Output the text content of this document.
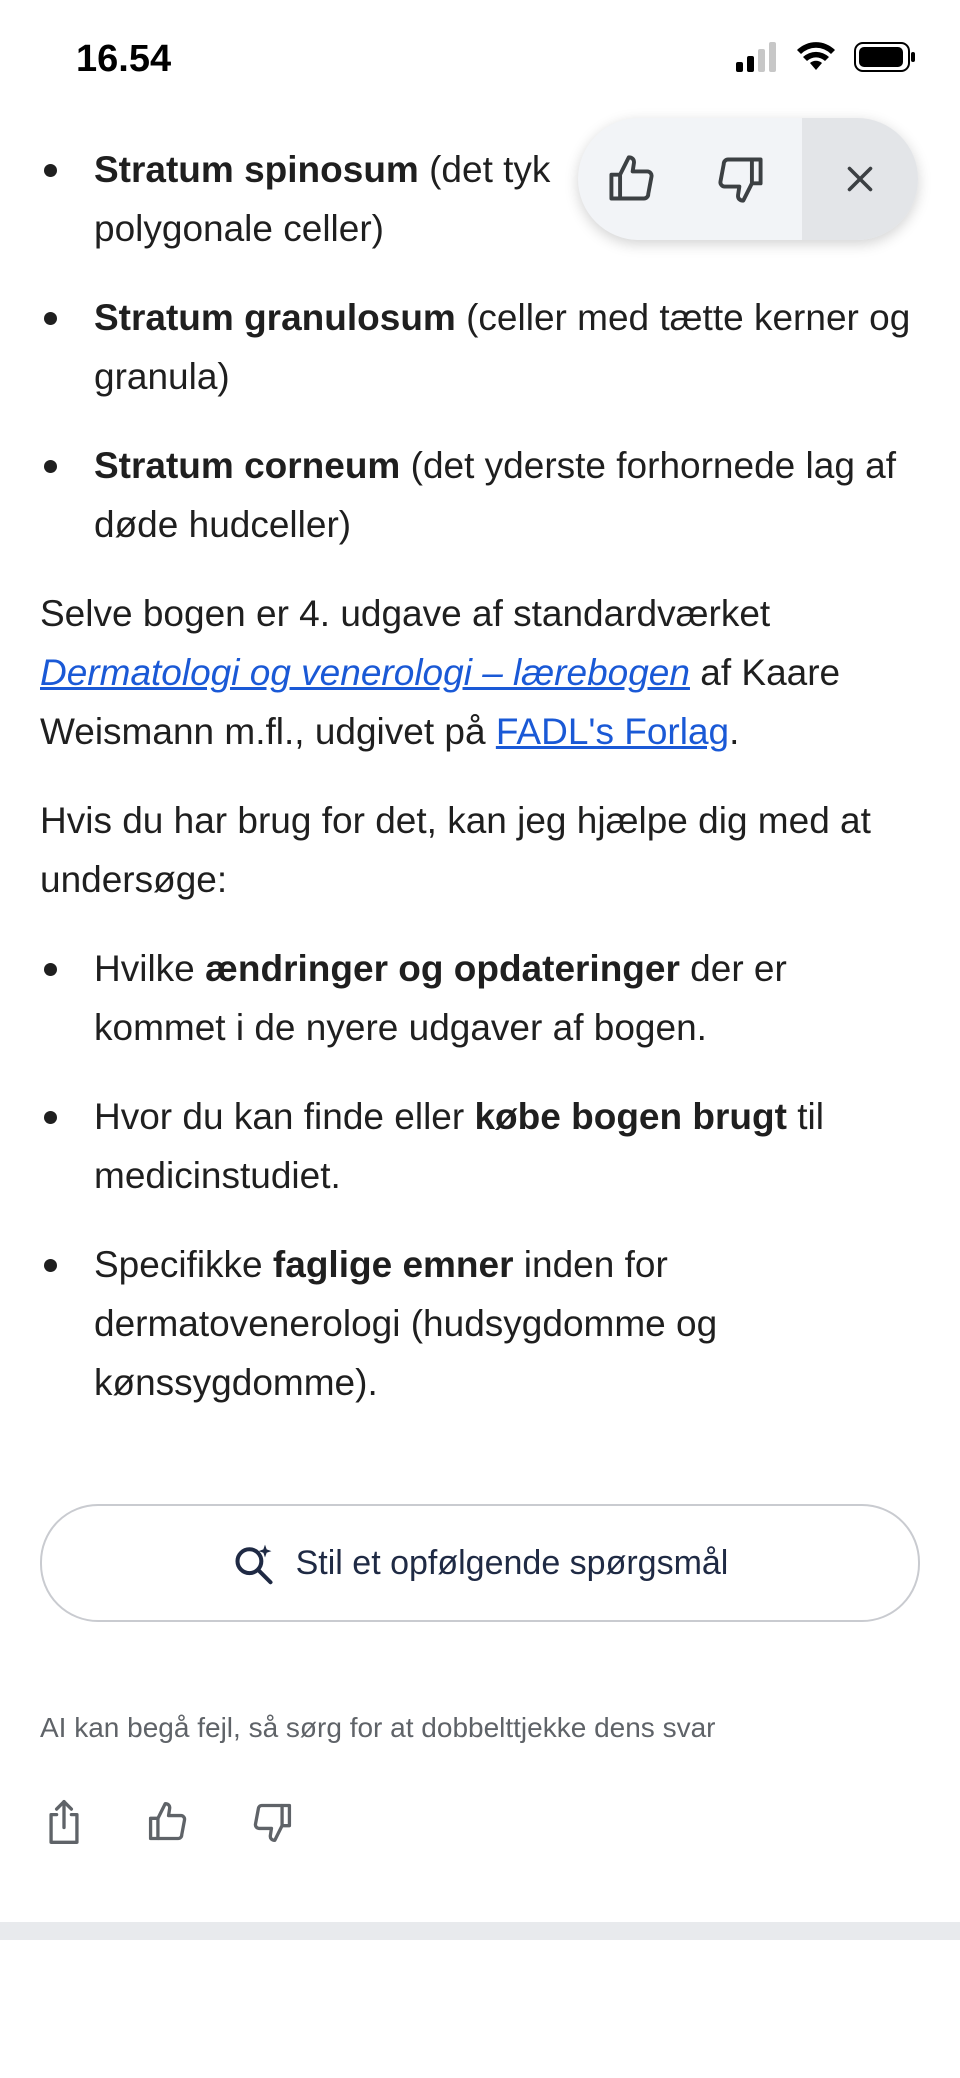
16.54
Stratum spinosum (det tyk
polygonale celler)
Stratum granulosum (celler med tætte kerner og granula)
Stratum corneum (det yderste forhornede lag af døde hudceller)

Selve bogen er 4. udgave af standardværket Dermatologi og venerologi – lærebogen af Kaare Weismann m.fl., udgivet på FADL's Forlag.

Hvis du har brug for det, kan jeg hjælpe dig med at undersøge:

Hvilke ændringer og opdateringer der er kommet i de nyere udgaver af bogen.
Hvor du kan finde eller købe bogen brugt til medicinstudiet.
Specifikke faglige emner inden for dermatovenerologi (hudsygdomme og kønssygdomme).
Stil et opfølgende spørgsmål
AI kan begå fejl, så sørg for at dobbelttjekke dens svar
